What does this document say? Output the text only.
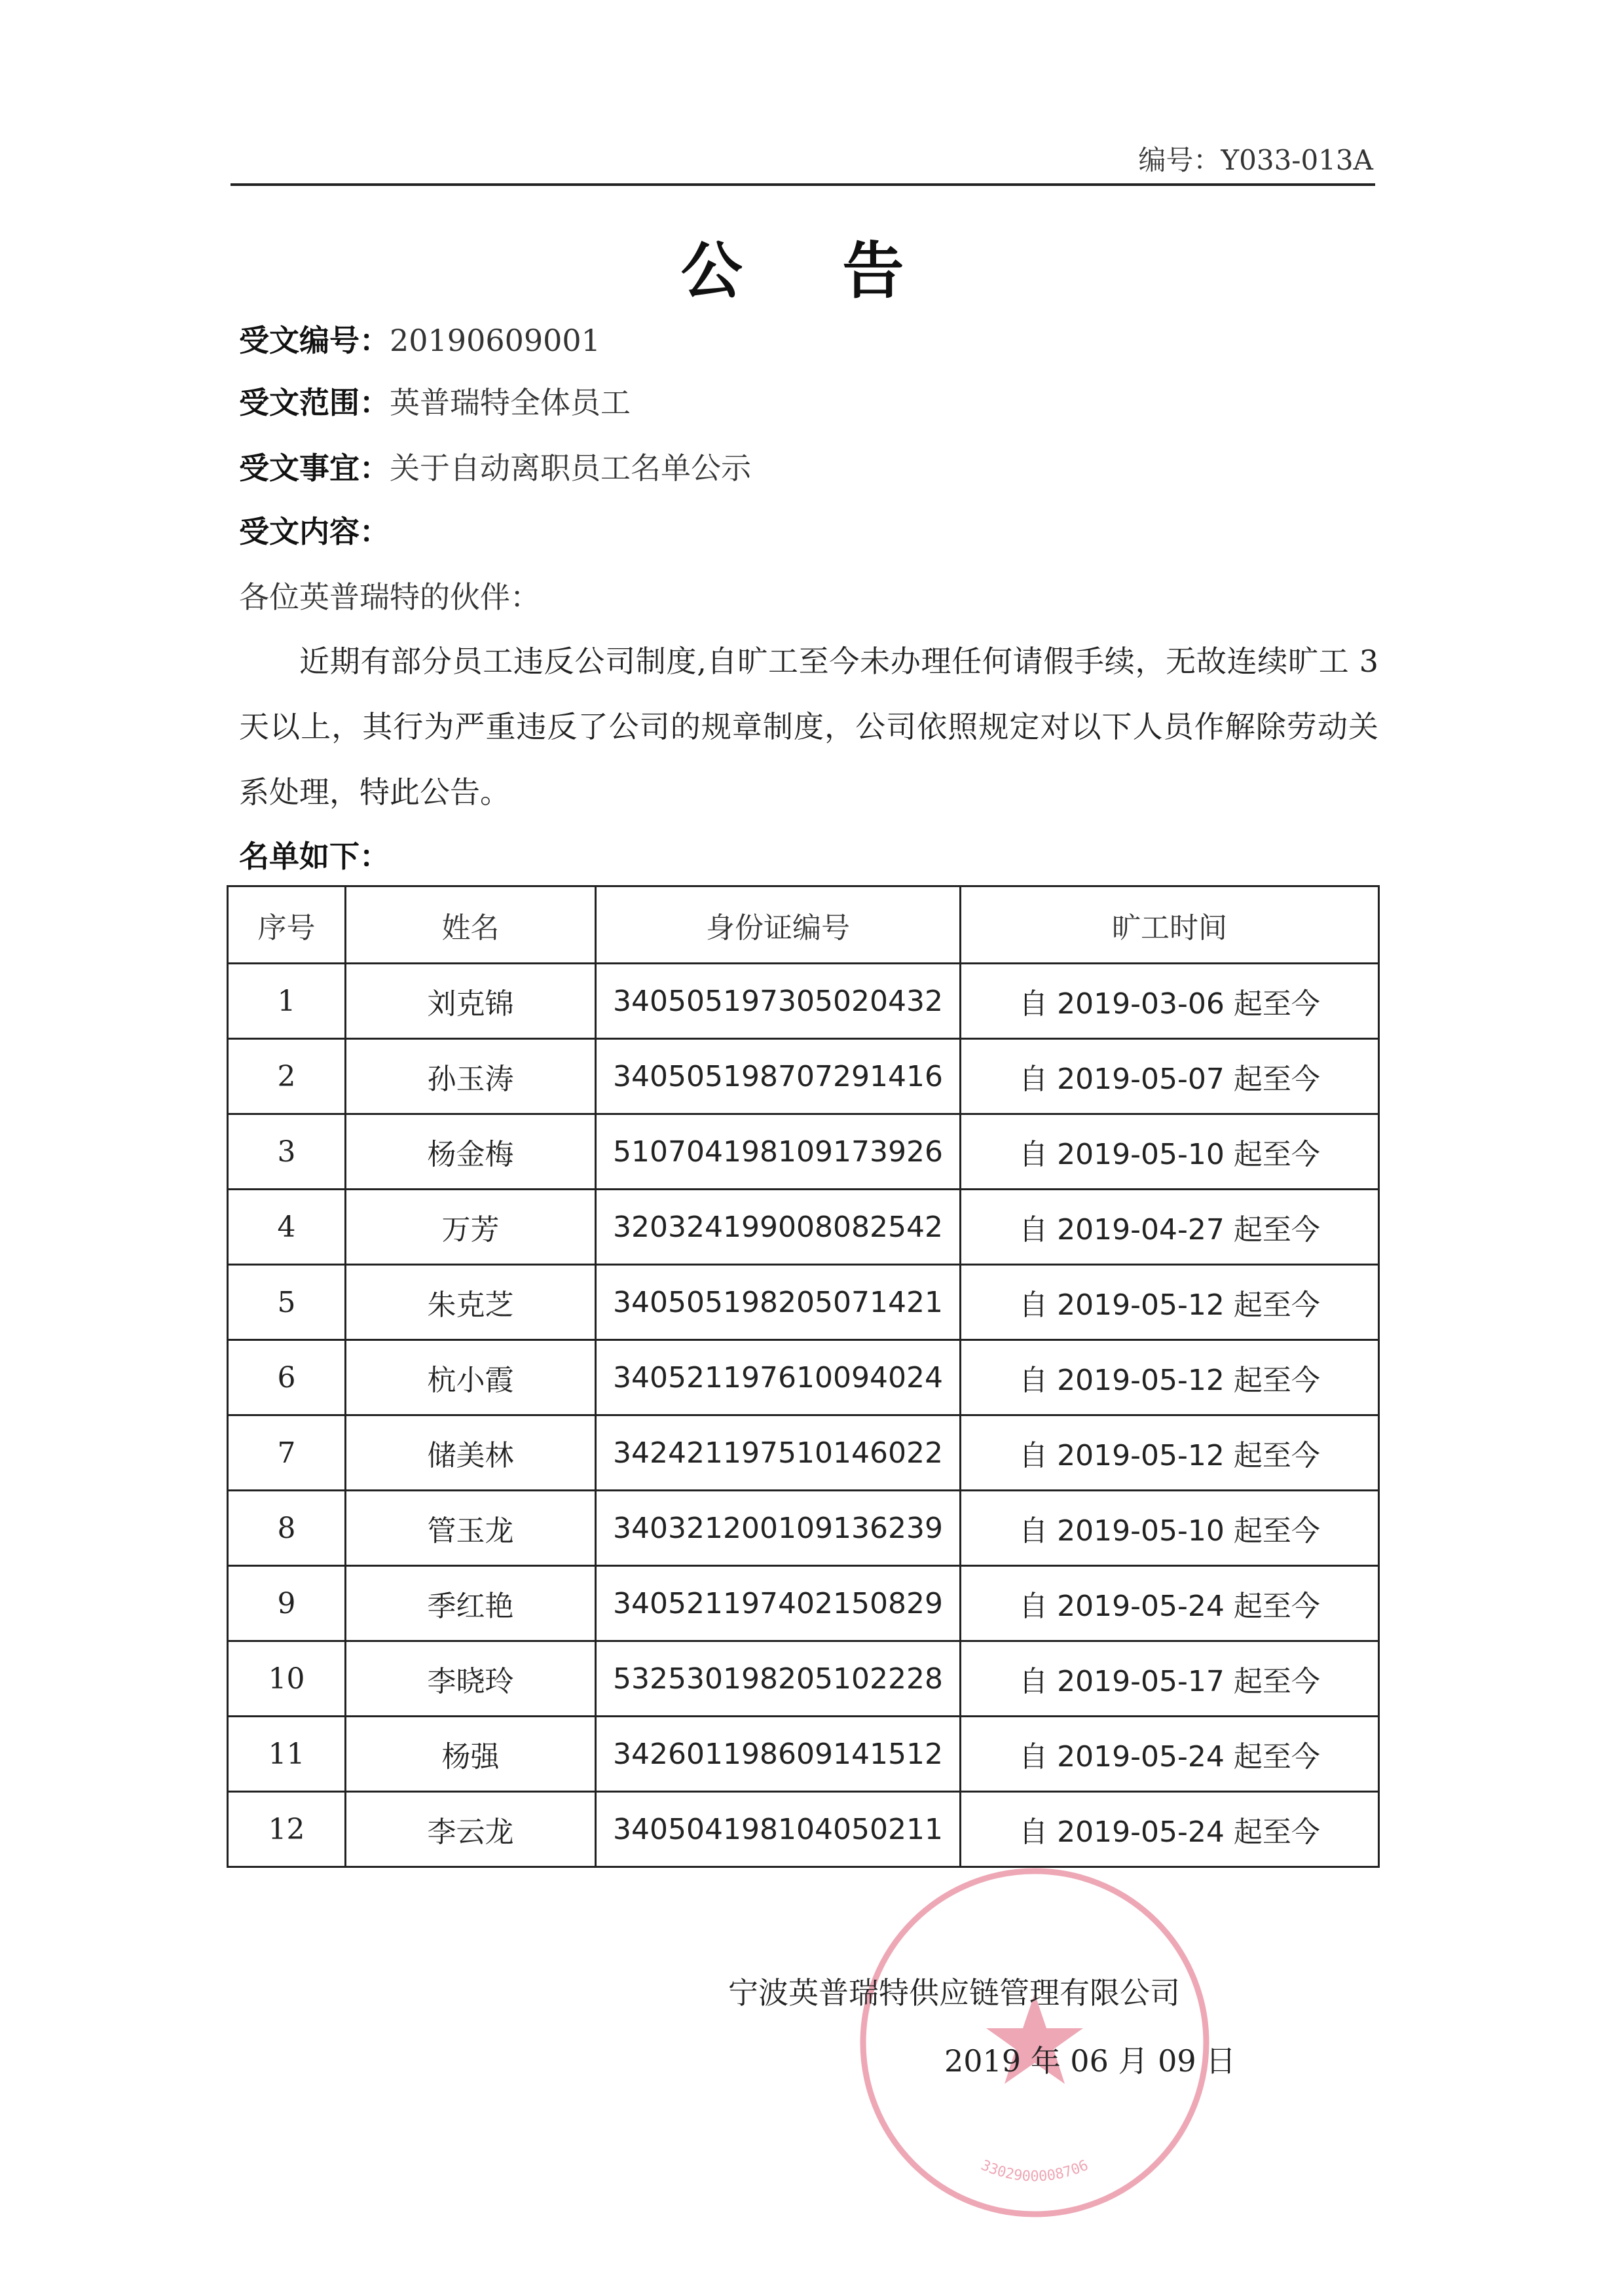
编号：Y033-013A
公 告
受文编号：20190609001
受文范围：英普瑞特全体员工
受文事宜：关于自动离职员工名单公示
受文内容：
各位英普瑞特的伙伴：
近期有部分员工违反公司制度,自旷工至今未办理任何请假手续，无故连续旷工 3 天以上，其行为严重违反了公司的规章制度，公司依照规定对以下人员作解除劳动关系处理，特此公告。
名单如下：
序号	姓名	身份证编号	旷工时间
1	刘克锦	340505197305020432	自 2019-03-06 起至今
2	孙玉涛	340505198707291416	自 2019-05-07 起至今
3	杨金梅	510704198109173926	自 2019-05-10 起至今
4	万芳	320324199008082542	自 2019-04-27 起至今
5	朱克芝	340505198205071421	自 2019-05-12 起至今
6	杭小霞	340521197610094024	自 2019-05-12 起至今
7	储美林	342421197510146022	自 2019-05-12 起至今
8	管玉龙	340321200109136239	自 2019-05-10 起至今
9	季红艳	340521197402150829	自 2019-05-24 起至今
10	李晓玲	532530198205102228	自 2019-05-17 起至今
11	杨强	342601198609141512	自 2019-05-24 起至今
12	李云龙	340504198104050211	自 2019-05-24 起至今
3302900008706
宁波英普瑞特供应链管理有限公司
2019 年 06 月 09 日
